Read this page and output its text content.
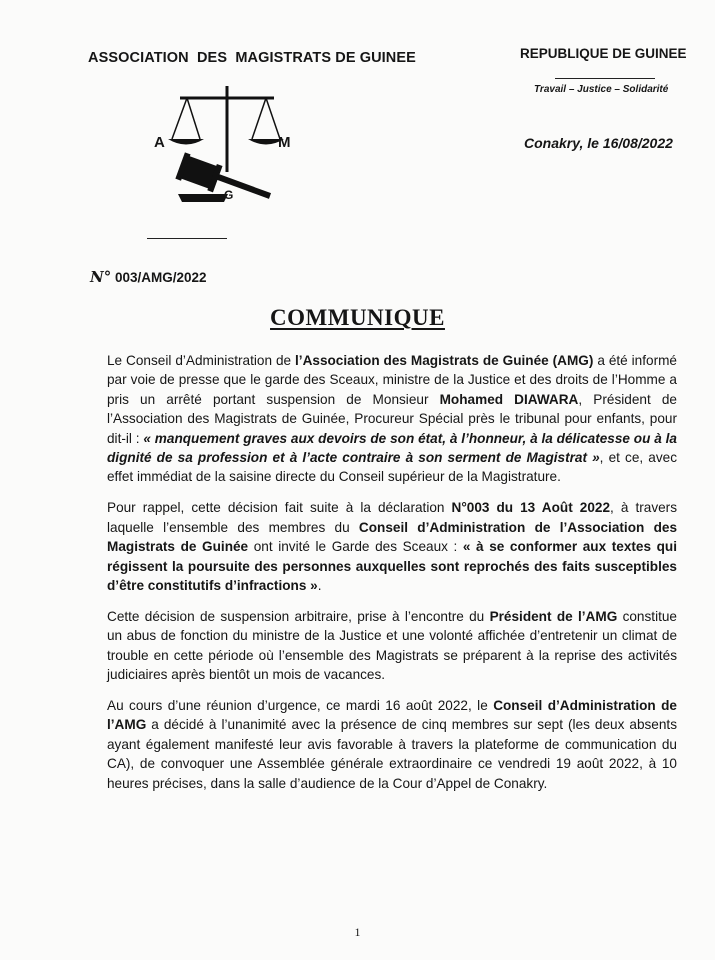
ASSOCIATION  DES  MAGISTRATS DE GUINEE	REPUBLIQUE DE GUINEE
Travail – Justice – Solidarité
Conakry, le 16/08/2022
A	M
G
N° 003/AMG/2022
COMMUNIQUE

Le Conseil d’Administration de l’Association des Magistrats de Guinée (AMG) a été informé par voie de presse que le garde des Sceaux, ministre de la Justice et des droits de l’Homme a pris un arrêté portant suspension de Monsieur Mohamed DIAWARA, Président de l’Association des Magistrats de Guinée, Procureur Spécial près le tribunal pour enfants, pour dit-il : « manquement graves aux devoirs de son état, à l’honneur, à la délicatesse ou à la dignité de sa profession et à l’acte contraire à son serment de Magistrat », et ce, avec effet immédiat de la saisine directe du Conseil supérieur de la Magistrature.

Pour rappel, cette décision fait suite à la déclaration N°003 du 13 Août 2022, à travers laquelle l’ensemble des membres du Conseil d’Administration de l’Association des Magistrats de Guinée ont invité le Garde des Sceaux : « à se conformer aux textes qui régissent la poursuite des personnes auxquelles sont reprochés des faits susceptibles d’être constitutifs d’infractions ».

Cette décision de suspension arbitraire, prise à l’encontre du Président de l’AMG constitue un abus de fonction du ministre de la Justice et une volonté affichée d’entretenir un climat de trouble en cette période où l’ensemble des Magistrats se préparent à la reprise des activités judiciaires après bientôt un mois de vacances.

Au cours d’une réunion d’urgence, ce mardi 16 août 2022, le Conseil d’Administration de l’AMG a décidé à l’unanimité avec la présence de cinq membres sur sept (les deux absents ayant également manifesté leur avis favorable à travers la plateforme de communication du CA), de convoquer une Assemblée générale extraordinaire ce vendredi 19 août 2022, à 10 heures précises, dans la salle d’audience de la Cour d’Appel de Conakry.

1
